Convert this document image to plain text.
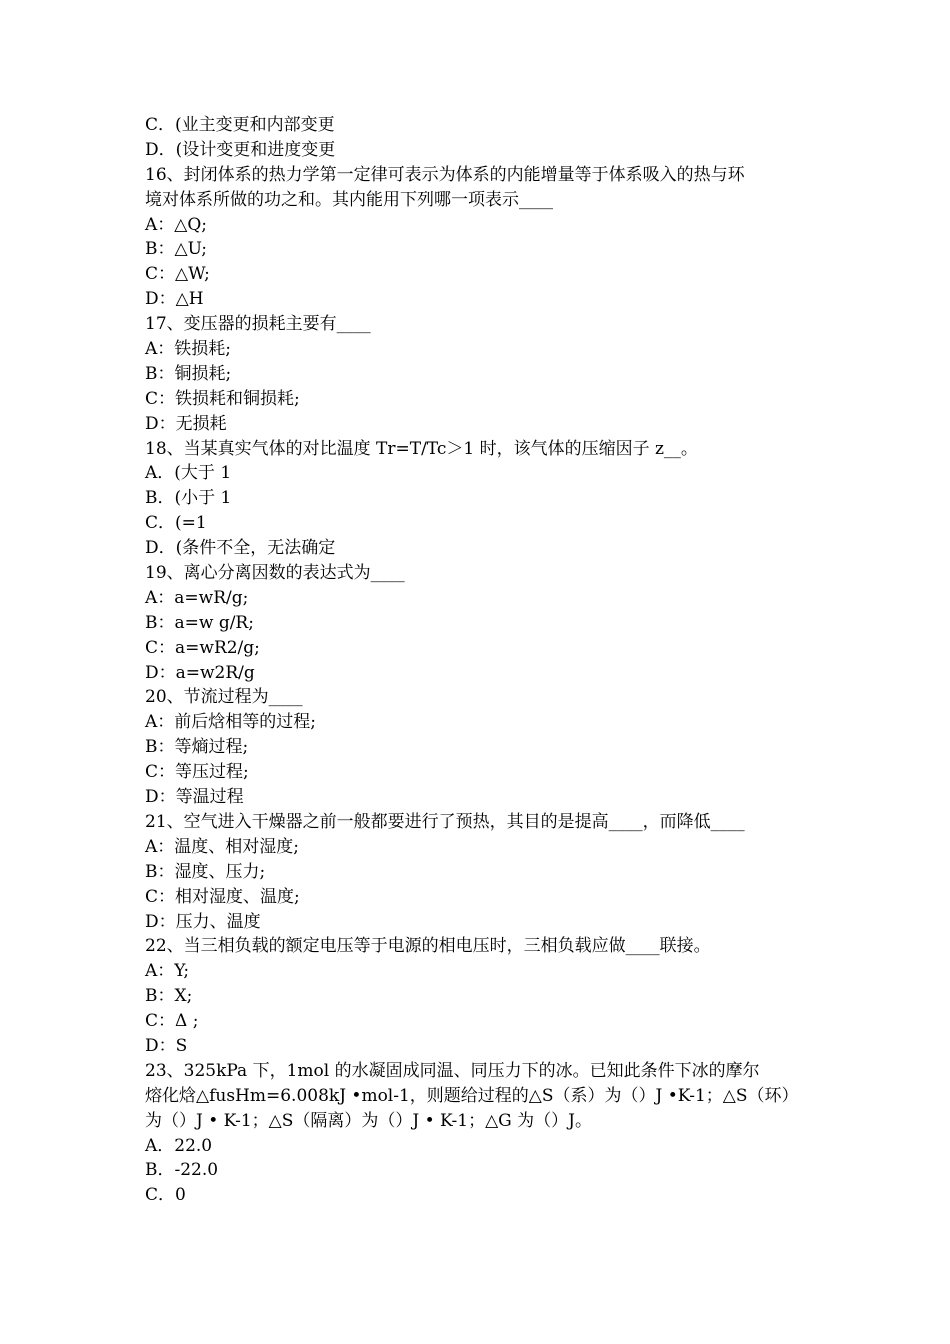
C．(业主变更和内部变更
D．(设计变更和进度变更
16、封闭体系的热力学第一定律可表示为体系的内能增量等于体系吸入的热与环
境对体系所做的功之和。其内能用下列哪一项表示____
A：△Q;
B：△U;
C：△W;
D：△H
17、变压器的损耗主要有____
A：铁损耗;
B：铜损耗;
C：铁损耗和铜损耗;
D：无损耗
18、当某真实气体的对比温度 Tr=T/Tc＞1 时，该气体的压缩因子 z__。
A．(大于 1
B．(小于 1
C．(=1
D．(条件不全，无法确定
19、离心分离因数的表达式为____
A：a=wR/g;
B：a=w g/R;
C：a=wR2/g;
D：a=w2R/g
20、节流过程为____
A：前后焓相等的过程;
B：等熵过程;
C：等压过程;
D：等温过程
21、空气进入干燥器之前一般都要进行了预热，其目的是提高____，而降低____
A：温度、相对湿度;
B：湿度、压力;
C：相对湿度、温度;
D：压力、温度
22、当三相负载的额定电压等于电源的相电压时，三相负载应做____联接。
A：Y;
B：X;
C：Δ ;
D：S
23、325kPa 下，1mol 的水凝固成同温、同压力下的冰。已知此条件下冰的摩尔
熔化焓△fusHm=6.008kJ •mol-1，则题给过程的△S（系）为（）J •K-1；△S（环）
为（）J • K-1；△S（隔离）为（）J • K-1；△G 为（）J。
A．22.0
B．-22.0
C．0
